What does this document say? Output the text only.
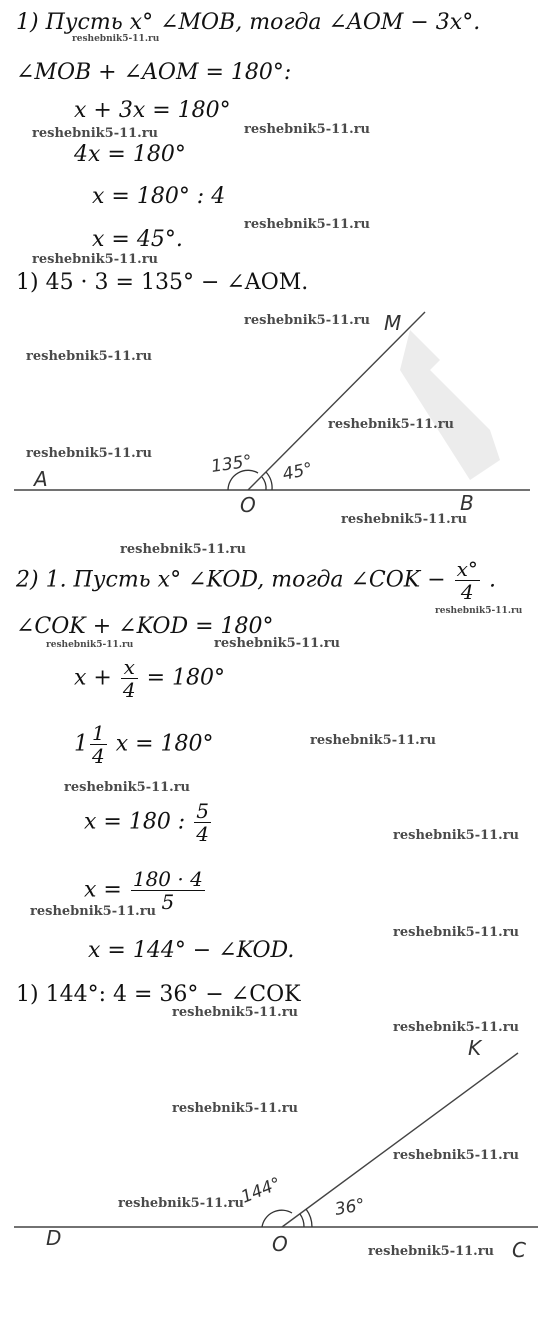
1) Пусть x° ∠MOB, тогда ∠AOM − 3x°.
∠MOB + ∠AOM = 180°:
x + 3x = 180°
4x = 180°
x = 180° : 4
x = 45°.
1) 45 · 3 = 135° − ∠AOM.
M
A
O	B
135° 45°
2) 1. Пусть x° ∠KOD, тогда ∠COK − $\frac{x^\circ}{4}$ .
∠COK + ∠KOD = 180°
$x + \frac{x}{4} = 180^\circ$
$1 \frac{1}{4}$ x = 180°
x = 180 : $\frac{5}{4}$
$x = \frac{180 \cdot 4}{5}$
x = 144° − ∠KOD.
1) 144°: 4 = 36° − ∠COK
K
D	O	C
144°	36°
reshebnik5-11.ru
reshebnik5-11.ru	reshebnik5-11.ru
reshebnik5-11.ru
reshebnik5-11.ru
reshebnik5-11.ru
reshebnik5-11.ru
reshebnik5-11.ru
reshebnik5-11.ru
reshebnik5-11.ru
reshebnik5-11.ru
reshebnik5-11.ru
reshebnik5-11.ru	reshebnik5-11.ru
reshebnik5-11.ru
reshebnik5-11.ru
reshebnik5-11.ru
reshebnik5-11.ru
reshebnik5-11.ru
reshebnik5-11.ru
reshebnik5-11.ru
reshebnik5-11.ru
reshebnik5-11.ru
reshebnik5-11.ru
reshebnik5-11.ru
